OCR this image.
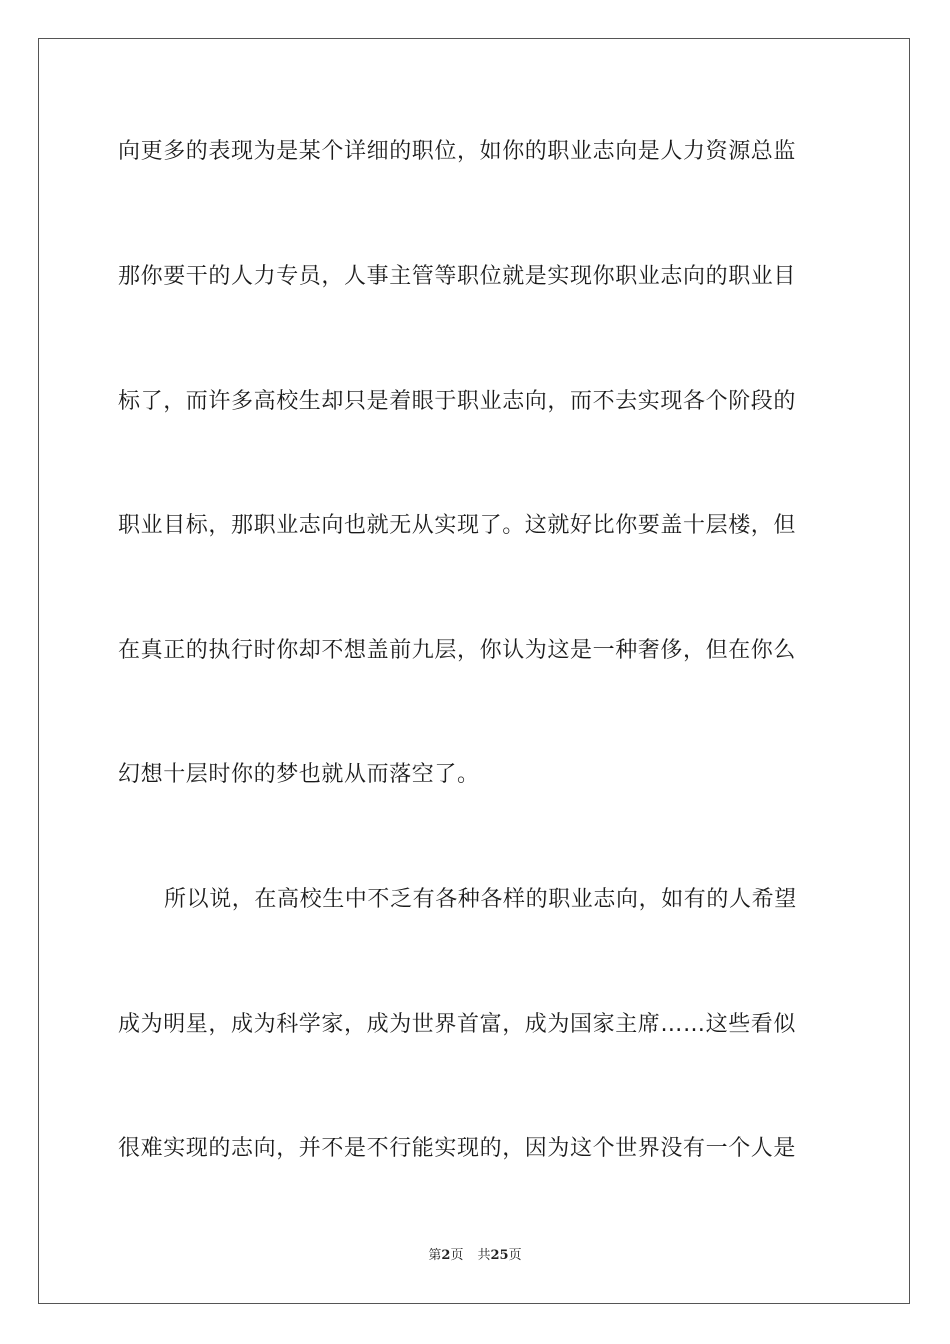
向更多的表现为是某个详细的职位，如你的职业志向是人力资源总监
那你要干的人力专员，人事主管等职位就是实现你职业志向的职业目
标了，而许多高校生却只是着眼于职业志向，而不去实现各个阶段的
职业目标，那职业志向也就无从实现了。这就好比你要盖十层楼，但
在真正的执行时你却不想盖前九层，你认为这是一种奢侈，但在你么
幻想十层时你的梦也就从而落空了。
所以说，在高校生中不乏有各种各样的职业志向，如有的人希望
成为明星，成为科学家，成为世界首富，成为国家主席……这些看似
很难实现的志向，并不是不行能实现的，因为这个世界没有一个人是
第2页 共25页
